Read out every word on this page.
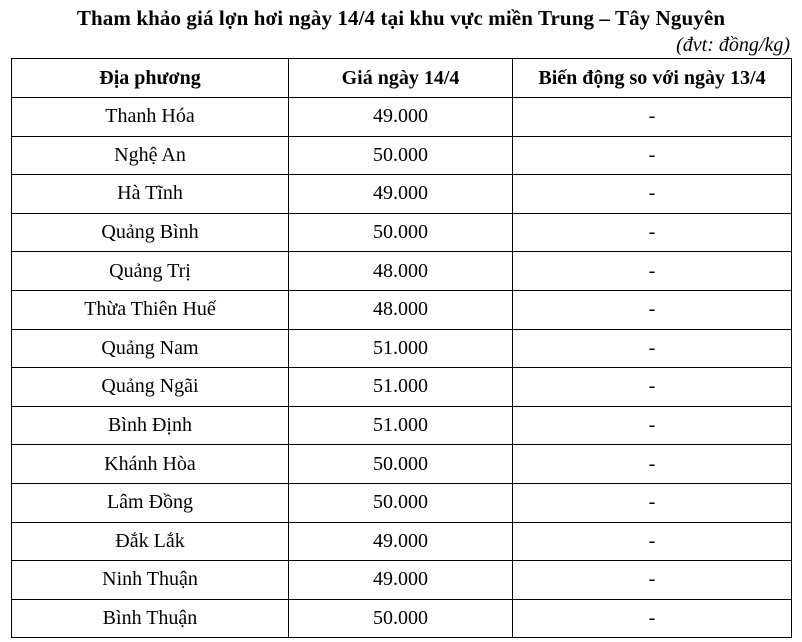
Tham khảo giá lợn hơi ngày 14/4 tại khu vực miền Trung – Tây Nguyên
(đvt: đồng/kg)
Địa phương	Giá ngày 14/4	Biến động so với ngày 13/4
Thanh Hóa	49.000	-
Nghệ An	50.000	-
Hà Tĩnh	49.000	-
Quảng Bình	50.000	-
Quảng Trị	48.000	-
Thừa Thiên Huế	48.000	-
Quảng Nam	51.000	-
Quảng Ngãi	51.000	-
Bình Định	51.000	-
Khánh Hòa	50.000	-
Lâm Đồng	50.000	-
Đắk Lắk	49.000	-
Ninh Thuận	49.000	-
Bình Thuận	50.000	-
